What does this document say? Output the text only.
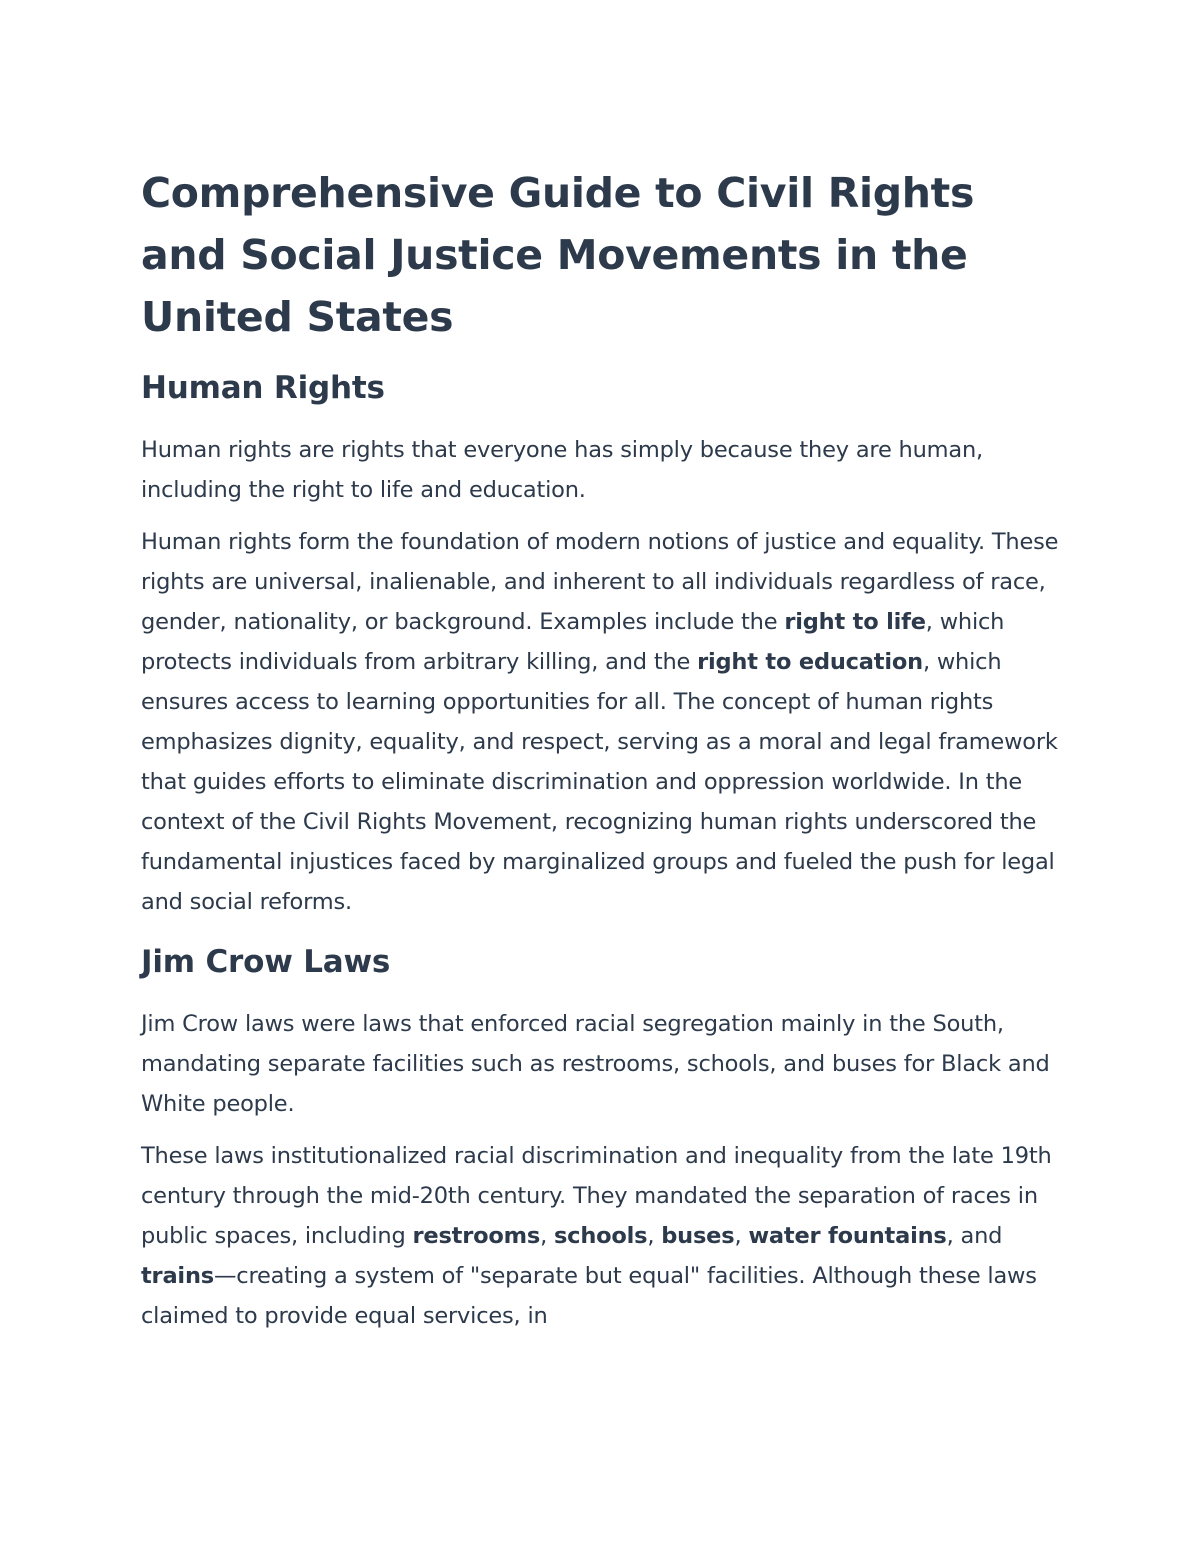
Comprehensive Guide to Civil Rights and Social Justice Movements in the United States
Human Rights

Human rights are rights that everyone has simply because they are human, including the right to life and education.

Human rights form the foundation of modern notions of justice and equality. These rights are universal, inalienable, and inherent to all individuals regardless of race, gender, nationality, or background. Examples include the right to life, which protects individuals from arbitrary killing, and the right to education, which ensures access to learning opportunities for all. The concept of human rights emphasizes dignity, equality, and respect, serving as a moral and legal framework that guides efforts to eliminate discrimination and oppression worldwide. In the context of the Civil Rights Movement, recognizing human rights underscored the fundamental injustices faced by marginalized groups and fueled the push for legal and social reforms.

Jim Crow Laws

Jim Crow laws were laws that enforced racial segregation mainly in the South, mandating separate facilities such as restrooms, schools, and buses for Black and White people.

These laws institutionalized racial discrimination and inequality from the late 19th century through the mid-20th century. They mandated the separation of races in public spaces, including restrooms, schools, buses, water fountains, and trains—creating a system of "separate but equal" facilities. Although these laws claimed to provide equal services, in
